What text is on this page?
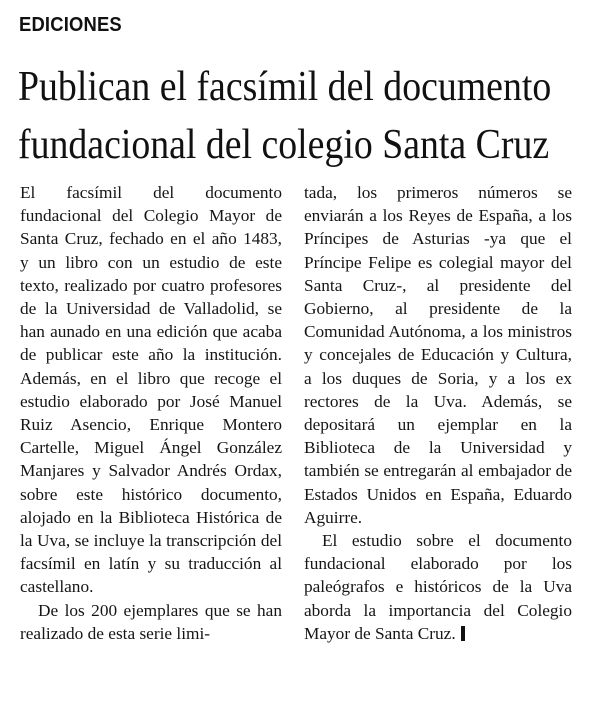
EDICIONES
Publican el facsímil del documento
fundacional del colegio Santa Cruz

El facsímil del documento fundacional del Colegio Mayor de Santa Cruz, fechado en el año 1483, y un libro con un estudio de este texto, realizado por cuatro profesores de la Universidad de Valladolid, se han aunado en una edición que acaba de publicar este año la institución. Además, en el libro que recoge el estudio elaborado por José Manuel Ruiz Asencio, Enrique Montero Cartelle, Miguel Ángel González Manjares y Salvador Andrés Ordax, sobre este histórico documento, alojado en la Biblioteca Histórica de la Uva, se incluye la transcripción del facsímil en latín y su traducción al castellano.

De los 200 ejemplares que se han realizado de esta serie limi-

tada, los primeros números se enviarán a los Reyes de España, a los Príncipes de Asturias -ya que el Príncipe Felipe es colegial mayor del Santa Cruz-, al presidente del Gobierno, al presidente de la Comunidad Autónoma, a los ministros y concejales de Educación y Cultura, a los duques de Soria, y a los ex rectores de la Uva. Además, se depositará un ejemplar en la Biblioteca de la Universidad y también se entregarán al embajador de Estados Unidos en España, Eduardo Aguirre.

El estudio sobre el documento fundacional elaborado por los paleógrafos e históricos de la Uva aborda la importancia del Colegio Mayor de Santa Cruz.
